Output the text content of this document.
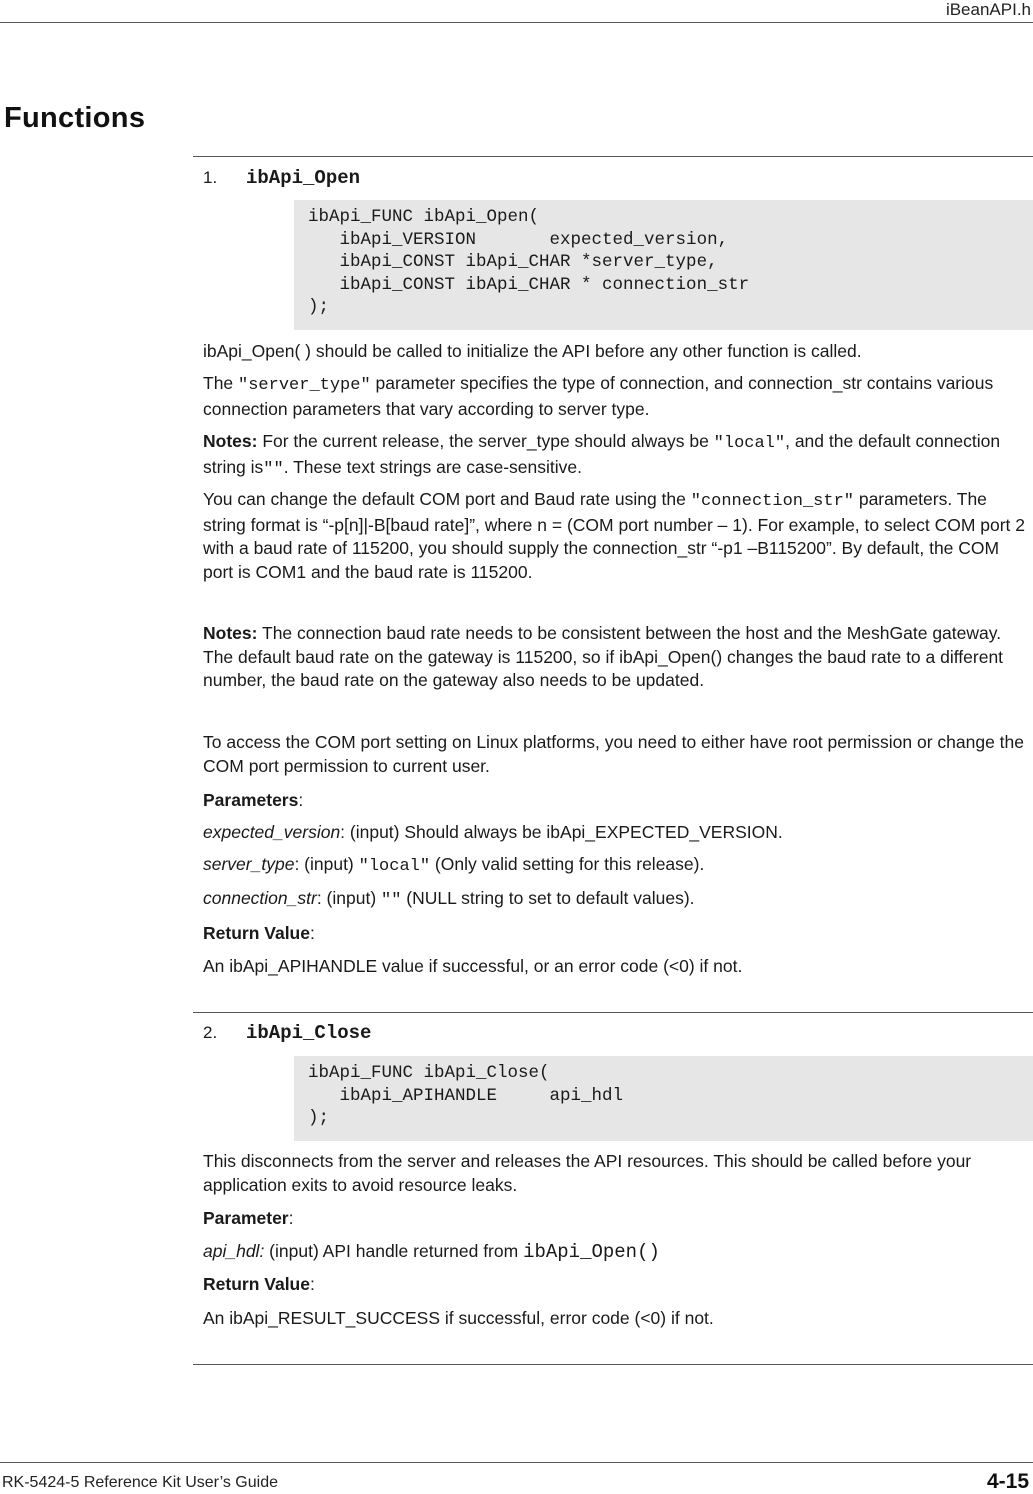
iBeanAPI.h
Functions
1. ibApi_Open
ibApi_FUNC ibApi_Open(
ibApi_VERSION       expected_version,
ibApi_CONST ibApi_CHAR *server_type,
ibApi_CONST ibApi_CHAR * connection_str
);
ibApi_Open( ) should be called to initialize the API before any other function is called.
The "server_type" parameter specifies the type of connection, and connection_str contains various connection parameters that vary according to server type.
Notes: For the current release, the server_type should always be "local", and the default connection string is"". These text strings are case-sensitive.
You can change the default COM port and Baud rate using the "connection_str" parameters. The string format is “-p[n]|-B[baud rate]”, where n = (COM port number – 1). For example, to select COM port 2 with a baud rate of 115200, you should supply the connection_str “-p1 –B115200”. By default, the COM port is COM1 and the baud rate is 115200.
Notes: The connection baud rate needs to be consistent between the host and the MeshGate gateway. The default baud rate on the gateway is 115200, so if ibApi_Open() changes the baud rate to a different number, the baud rate on the gateway also needs to be updated.
To access the COM port setting on Linux platforms, you need to either have root permission or change the COM port permission to current user.
Parameters:
expected_version: (input) Should always be ibApi_EXPECTED_VERSION.
server_type: (input) "local" (Only valid setting for this release).
connection_str: (input) "" (NULL string to set to default values).
Return Value:
An ibApi_APIHANDLE value if successful, or an error code (<0) if not.
2. ibApi_Close
ibApi_FUNC ibApi_Close(
ibApi_APIHANDLE     api_hdl
);
This disconnects from the server and releases the API resources. This should be called before your application exits to avoid resource leaks.
Parameter:
api_hdl: (input) API handle returned from ibApi_Open()
Return Value:
An ibApi_RESULT_SUCCESS if successful, error code (<0) if not.
RK-5424-5 Reference Kit User’s Guide	4-15
